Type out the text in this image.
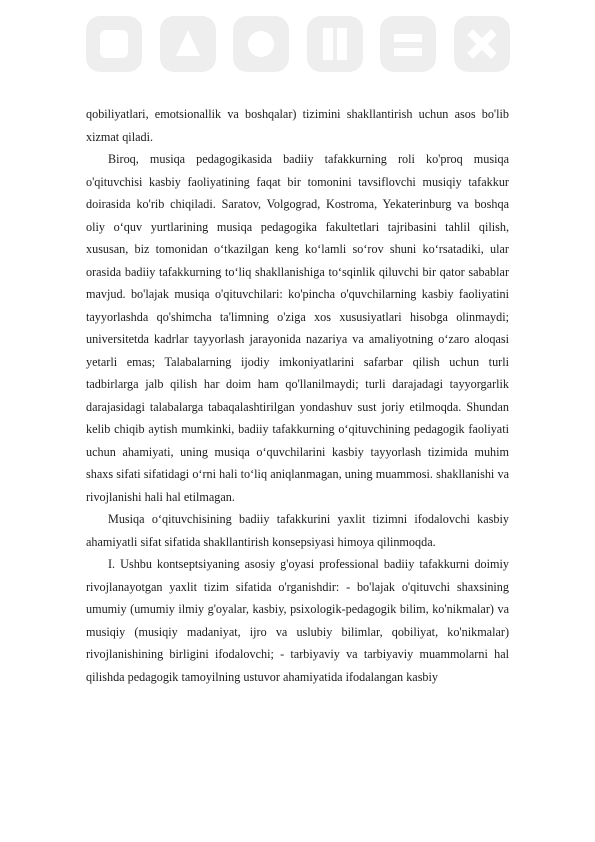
qobiliyatlari, emotsionallik va boshqalar) tizimini shakllantirish uchun asos bo'lib xizmat qiladi.

Biroq, musiqa pedagogikasida badiiy tafakkurning roli ko'proq musiqa o'qituvchisi kasbiy faoliyatining faqat bir tomonini tavsiflovchi musiqiy tafakkur doirasida ko'rib chiqiladi. Saratov, Volgograd, Kostroma, Yekaterinburg va boshqa oliy o‘quv yurtlarining musiqa pedagogika fakultetlari tajribasini tahlil qilish, xususan, biz tomonidan o‘tkazilgan keng ko‘lamli so‘rov shuni ko‘rsatadiki, ular orasida badiiy tafakkurning to‘liq shakllanishiga to‘sqinlik qiluvchi bir qator sabablar mavjud. bo'lajak musiqa o'qituvchilari: ko'pincha o'quvchilarning kasbiy faoliyatini tayyorlashda qo'shimcha ta'limning o'ziga xos xususiyatlari hisobga olinmaydi; universitetda kadrlar tayyorlash jarayonida nazariya va amaliyotning o‘zaro aloqasi yetarli emas; Talabalarning ijodiy imkoniyatlarini safarbar qilish uchun turli tadbirlarga jalb qilish har doim ham qo'llanilmaydi; turli darajadagi tayyorgarlik darajasidagi talabalarga tabaqalashtirilgan yondashuv sust joriy etilmoqda. Shundan kelib chiqib aytish mumkinki, badiiy tafakkurning o‘qituvchining pedagogik faoliyati uchun ahamiyati, uning musiqa o‘quvchilarini kasbiy tayyorlash tizimida muhim shaxs sifati sifatidagi o‘rni hali to‘liq aniqlanmagan, uning muammosi. shakllanishi va rivojlanishi hali hal etilmagan.

Musiqa o‘qituvchisining badiiy tafakkurini yaxlit tizimni ifodalovchi kasbiy ahamiyatli sifat sifatida shakllantirish konsepsiyasi himoya qilinmoqda.

I. Ushbu kontseptsiyaning asosiy g'oyasi professional badiiy tafakkurni doimiy rivojlanayotgan yaxlit tizim sifatida o'rganishdir: - bo'lajak o'qituvchi shaxsining umumiy (umumiy ilmiy g'oyalar, kasbiy, psixologik-pedagogik bilim, ko'nikmalar) va musiqiy (musiqiy madaniyat, ijro va uslubiy bilimlar, qobiliyat, ko'nikmalar) rivojlanishining birligini ifodalovchi; - tarbiyaviy va tarbiyaviy muammolarni hal qilishda pedagogik tamoyilning ustuvor ahamiyatida ifodalangan kasbiy
